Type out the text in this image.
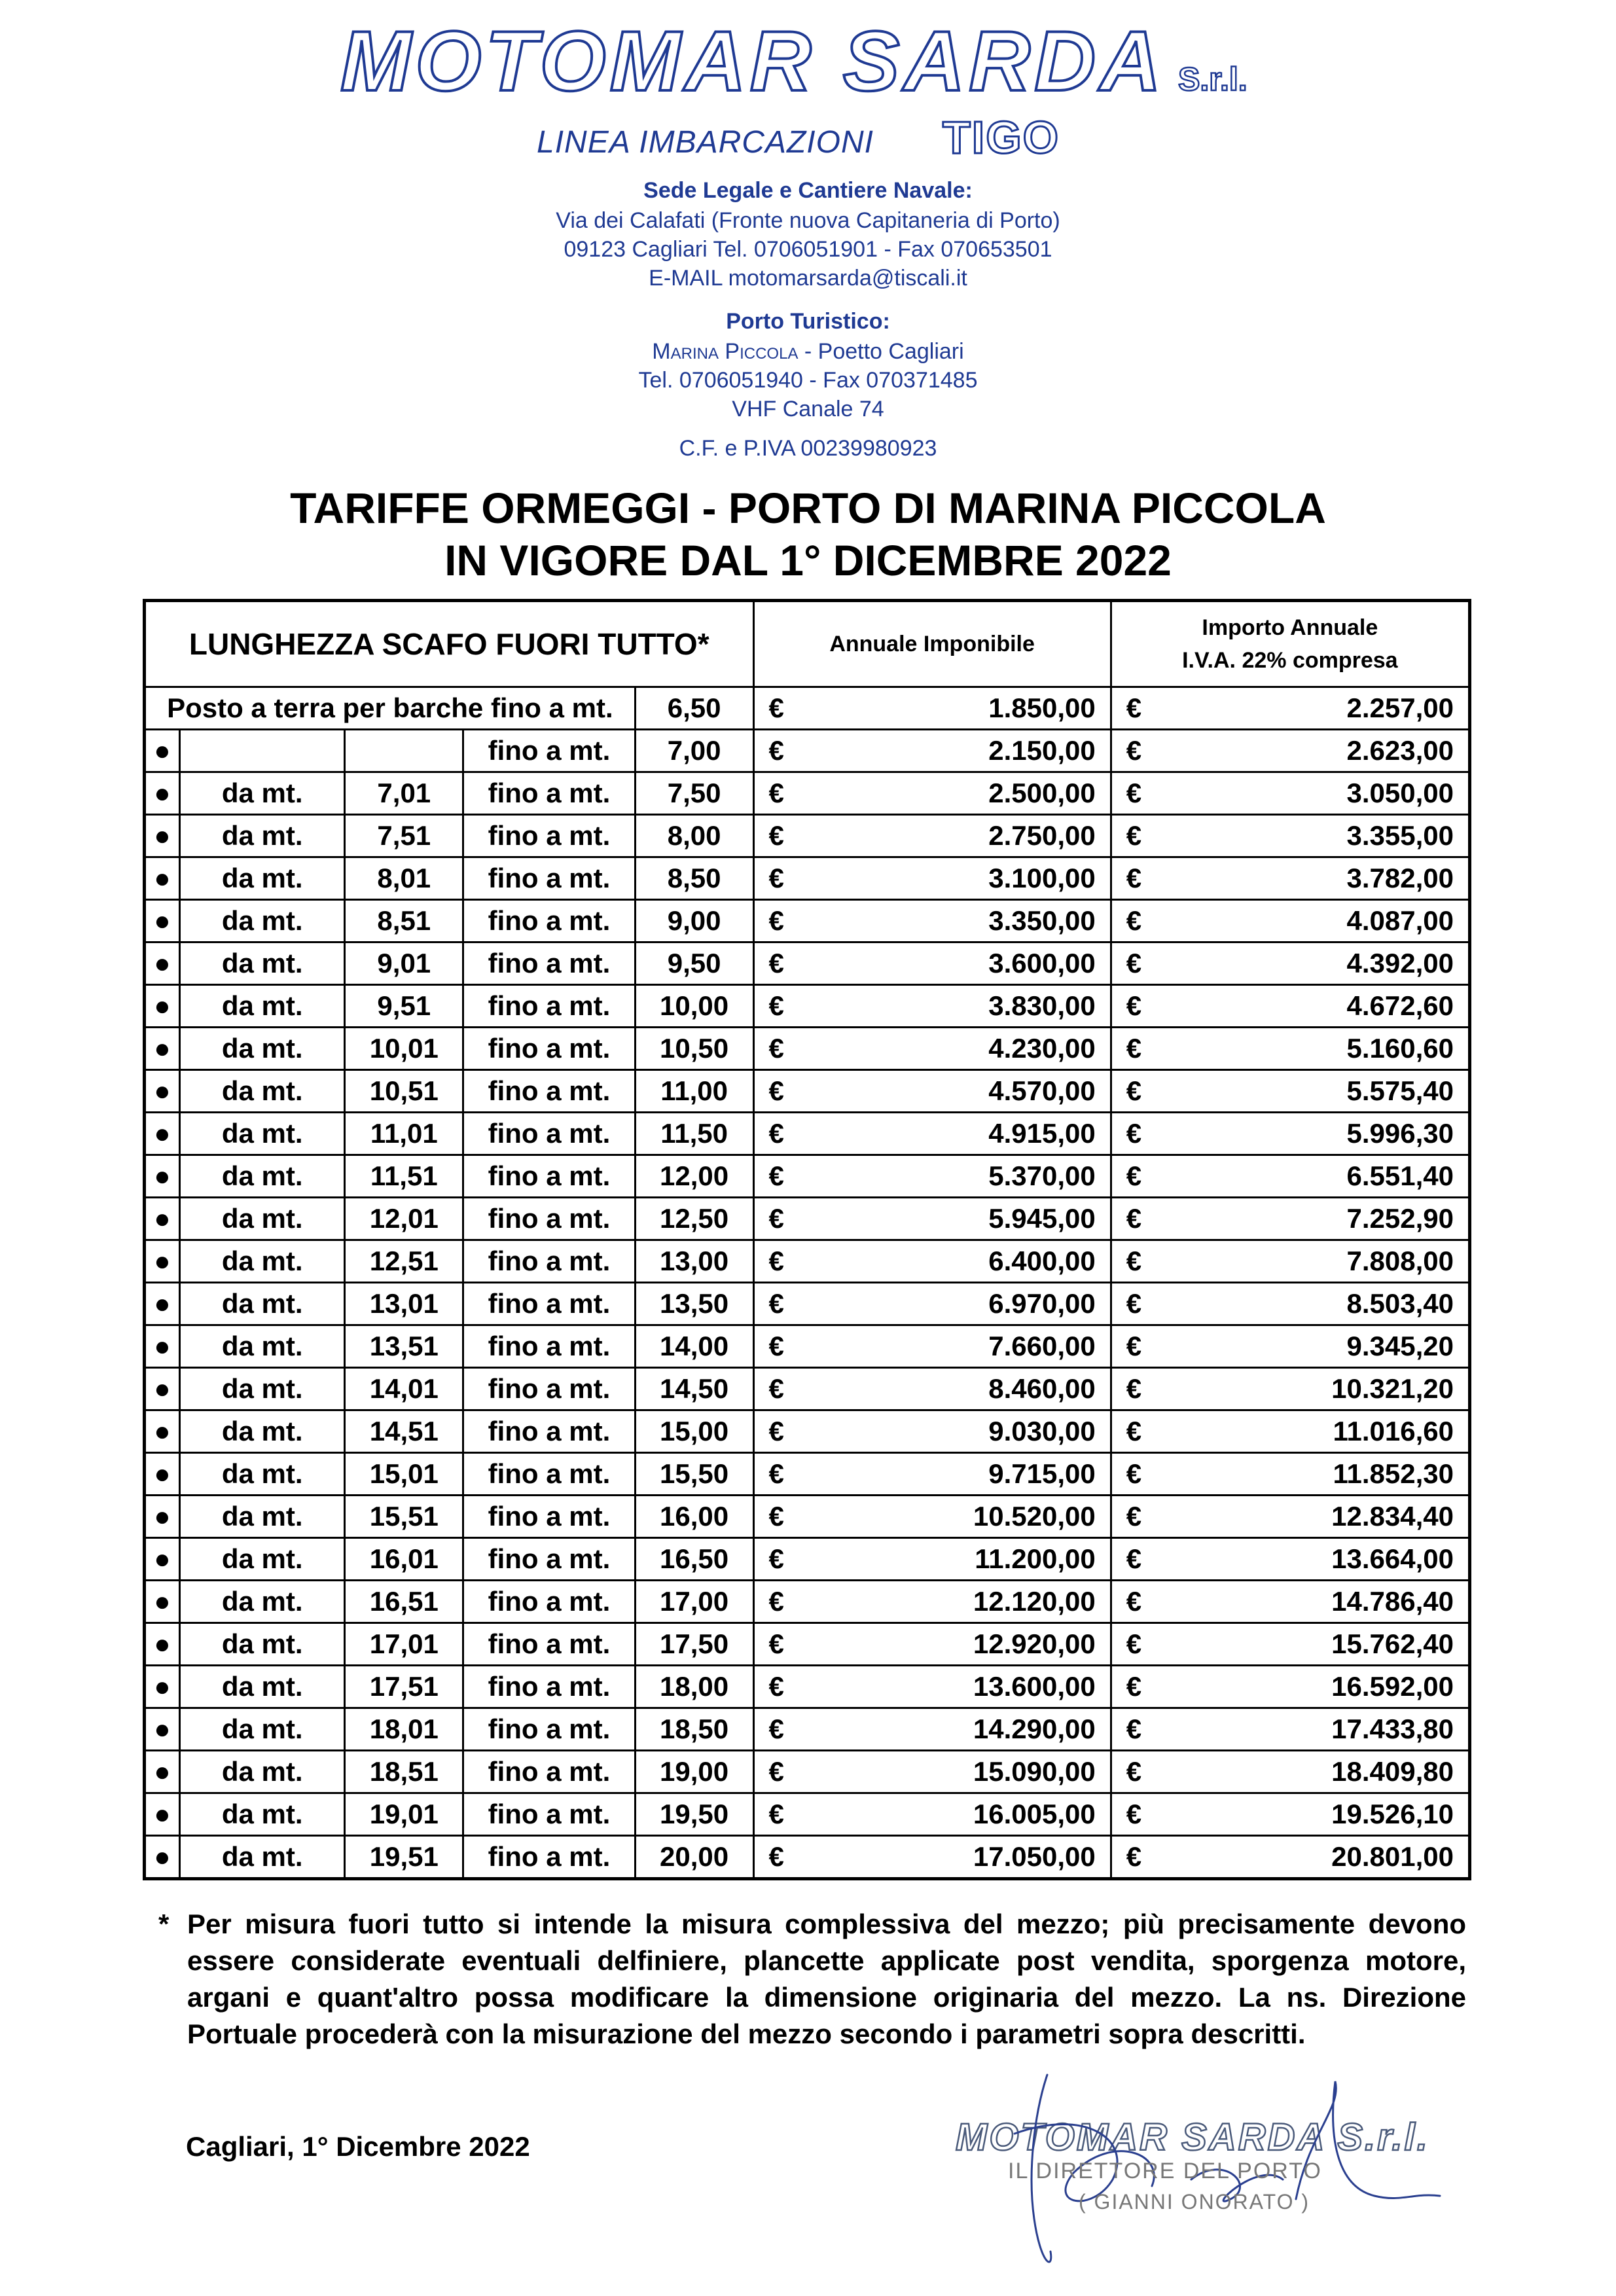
MOTOMAR SARDA S.r.l.
LINEA IMBARCAZIONI TIGO
Sede Legale e Cantiere Navale:
Via dei Calafati (Fronte nuova Capitaneria di Porto)
09123 Cagliari Tel. 0706051901 - Fax 070653501
E-MAIL motomarsarda@tiscali.it
Porto Turistico:
Marina Piccola - Poetto Cagliari
Tel. 0706051940 - Fax 070371485
VHF Canale 74
C.F. e P.IVA 00239980923
TARIFFE ORMEGGI - PORTO DI MARINA PICCOLA
IN VIGORE DAL 1° DICEMBRE 2022
LUNGHEZZA SCAFO FUORI TUTTO*					Annuale Imponibile	Importo Annuale
I.V.A. 22% compresa

Posto a terra per barche fino a mt.				6,50	€ 1.850,00	€ 2.257,00

●			fino a mt.	7,00	€ 2.150,00	€ 2.623,00

●	da mt.	7,01	fino a mt.	7,50	€ 2.500,00	€ 3.050,00

●	da mt.	7,51	fino a mt.	8,00	€ 2.750,00	€ 3.355,00

●	da mt.	8,01	fino a mt.	8,50	€ 3.100,00	€ 3.782,00

●	da mt.	8,51	fino a mt.	9,00	€ 3.350,00	€ 4.087,00

●	da mt.	9,01	fino a mt.	9,50	€ 3.600,00	€ 4.392,00

●	da mt.	9,51	fino a mt.	10,00	€ 3.830,00	€ 4.672,60

●	da mt.	10,01	fino a mt.	10,50	€ 4.230,00	€ 5.160,60

●	da mt.	10,51	fino a mt.	11,00	€ 4.570,00	€ 5.575,40

●	da mt.	11,01	fino a mt.	11,50	€ 4.915,00	€ 5.996,30

●	da mt.	11,51	fino a mt.	12,00	€ 5.370,00	€ 6.551,40

●	da mt.	12,01	fino a mt.	12,50	€ 5.945,00	€ 7.252,90

●	da mt.	12,51	fino a mt.	13,00	€ 6.400,00	€ 7.808,00

●	da mt.	13,01	fino a mt.	13,50	€ 6.970,00	€ 8.503,40

●	da mt.	13,51	fino a mt.	14,00	€ 7.660,00	€ 9.345,20

●	da mt.	14,01	fino a mt.	14,50	€ 8.460,00	€ 10.321,20

●	da mt.	14,51	fino a mt.	15,00	€ 9.030,00	€ 11.016,60

●	da mt.	15,01	fino a mt.	15,50	€ 9.715,00	€ 11.852,30

●	da mt.	15,51	fino a mt.	16,00	€ 10.520,00	€ 12.834,40

●	da mt.	16,01	fino a mt.	16,50	€ 11.200,00	€ 13.664,00

●	da mt.	16,51	fino a mt.	17,00	€ 12.120,00	€ 14.786,40

●	da mt.	17,01	fino a mt.	17,50	€ 12.920,00	€ 15.762,40

●	da mt.	17,51	fino a mt.	18,00	€ 13.600,00	€ 16.592,00

●	da mt.	18,01	fino a mt.	18,50	€ 14.290,00	€ 17.433,80

●	da mt.	18,51	fino a mt.	19,00	€ 15.090,00	€ 18.409,80

●	da mt.	19,01	fino a mt.	19,50	€ 16.005,00	€ 19.526,10

●	da mt.	19,51	fino a mt.	20,00	€ 17.050,00	€ 20.801,00
* Per misura fuori tutto si intende la misura complessiva del mezzo; più precisamente devono essere considerate eventuali delfiniere, plancette applicate post vendita, sporgenza motore, argani e quant'altro possa modificare la dimensione originaria del mezzo. La ns. Direzione Portuale procederà con la misurazione del mezzo secondo i parametri sopra descritti.
Cagliari, 1° Dicembre 2022	MOTOMAR SARDA S.r.l.
IL DIRETTORE DEL PORTO
( GIANNI ONORATO )
